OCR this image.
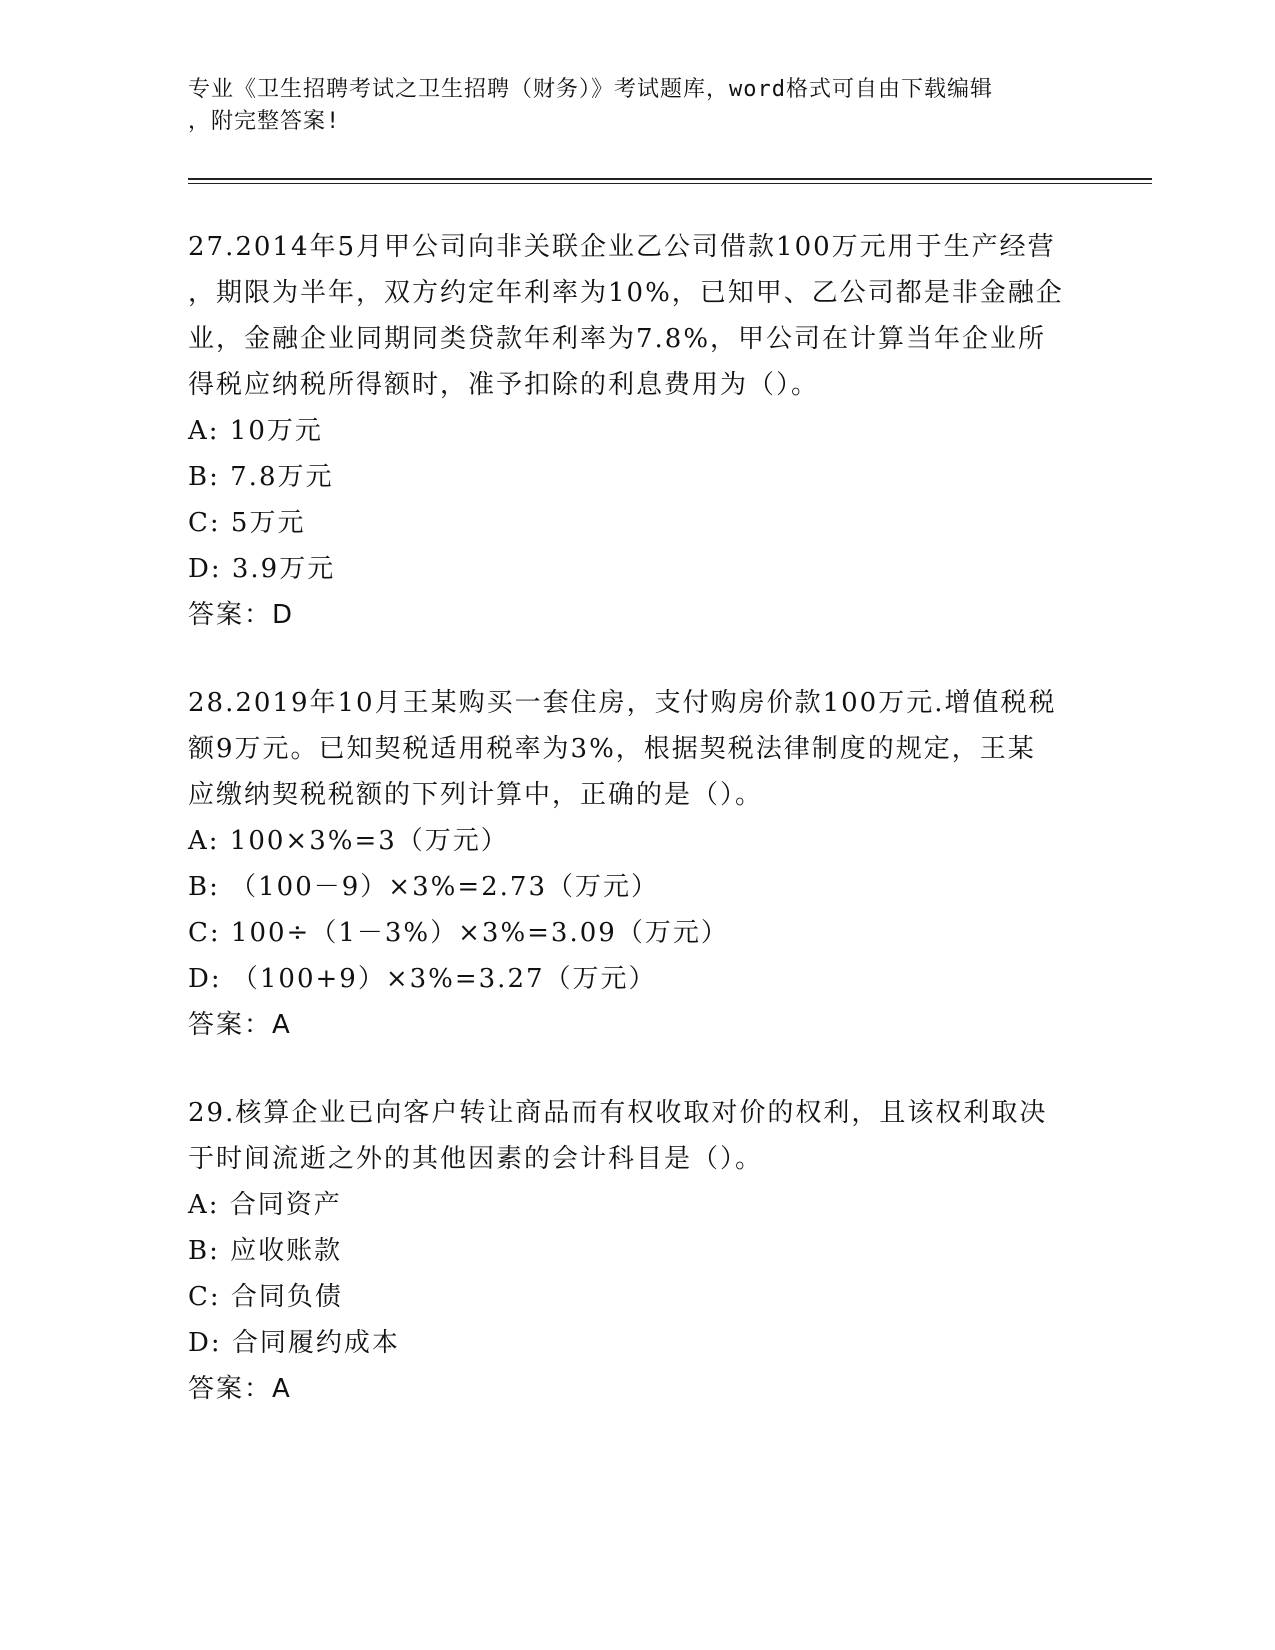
专业《卫生招聘考试之卫生招聘（财务）》考试题库，word格式可自由下载编辑
，附完整答案!

27.2014年5月甲公司向非关联企业乙公司借款100万元用于生产经营

，期限为半年，双方约定年利率为10%，已知甲、乙公司都是非金融企

业，金融企业同期同类贷款年利率为7.8%，甲公司在计算当年企业所

得税应纳税所得额时，准予扣除的利息费用为（）。

A: 10万元

B: 7.8万元

C: 5万元

D: 3.9万元

答案：D

28.2019年10月王某购买一套住房，支付购房价款100万元.增值税税

额9万元。已知契税适用税率为3%，根据契税法律制度的规定，王某

应缴纳契税税额的下列计算中，正确的是（）。

A: 100×3%=3（万元）

B: （100－9）×3%=2.73（万元）

C: 100÷（1－3%）×3%=3.09（万元）

D: （100+9）×3%=3.27（万元）

答案：A

29.核算企业已向客户转让商品而有权收取对价的权利，且该权利取决

于时间流逝之外的其他因素的会计科目是（）。

A: 合同资产

B: 应收账款

C: 合同负债

D: 合同履约成本

答案：A
